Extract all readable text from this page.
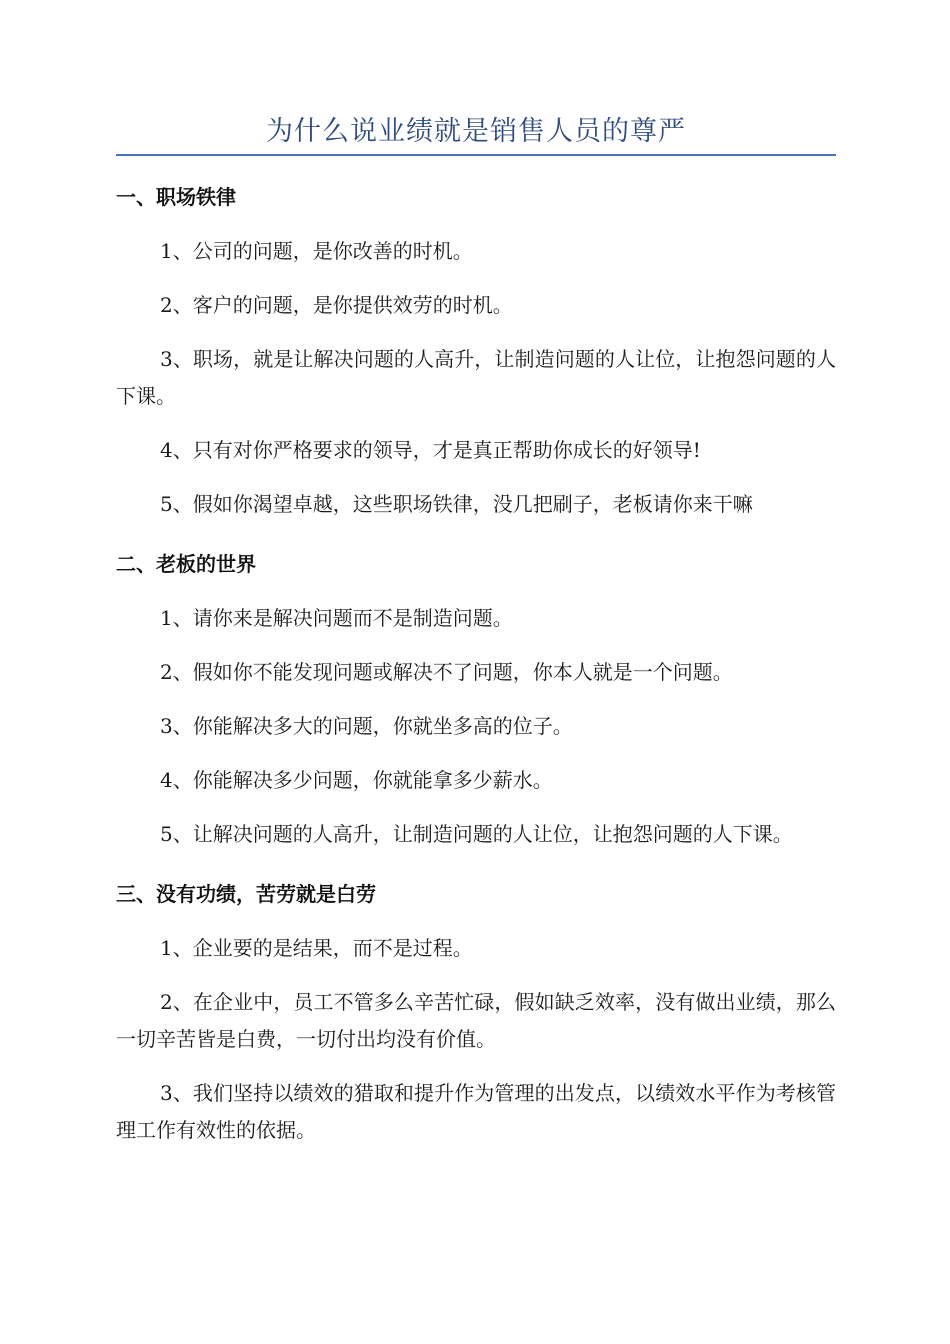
为什么说业绩就是销售人员的尊严
一、职场铁律
1、公司的问题，是你改善的时机。
2、客户的问题，是你提供效劳的时机。
3、职场，就是让解决问题的人高升，让制造问题的人让位，让抱怨问题的人下课。
4、只有对你严格要求的领导，才是真正帮助你成长的好领导!
5、假如你渴望卓越，这些职场铁律，没几把刷子，老板请你来干嘛
二、老板的世界
1、请你来是解决问题而不是制造问题。
2、假如你不能发现问题或解决不了问题，你本人就是一个问题。
3、你能解决多大的问题，你就坐多高的位子。
4、你能解决多少问题，你就能拿多少薪水。
5、让解决问题的人高升，让制造问题的人让位，让抱怨问题的人下课。
三、没有功绩，苦劳就是白劳
1、企业要的是结果，而不是过程。
2、在企业中，员工不管多么辛苦忙碌，假如缺乏效率，没有做出业绩，那么一切辛苦皆是白费，一切付出均没有价值。
3、我们坚持以绩效的猎取和提升作为管理的出发点，以绩效水平作为考核管理工作有效性的依据。
